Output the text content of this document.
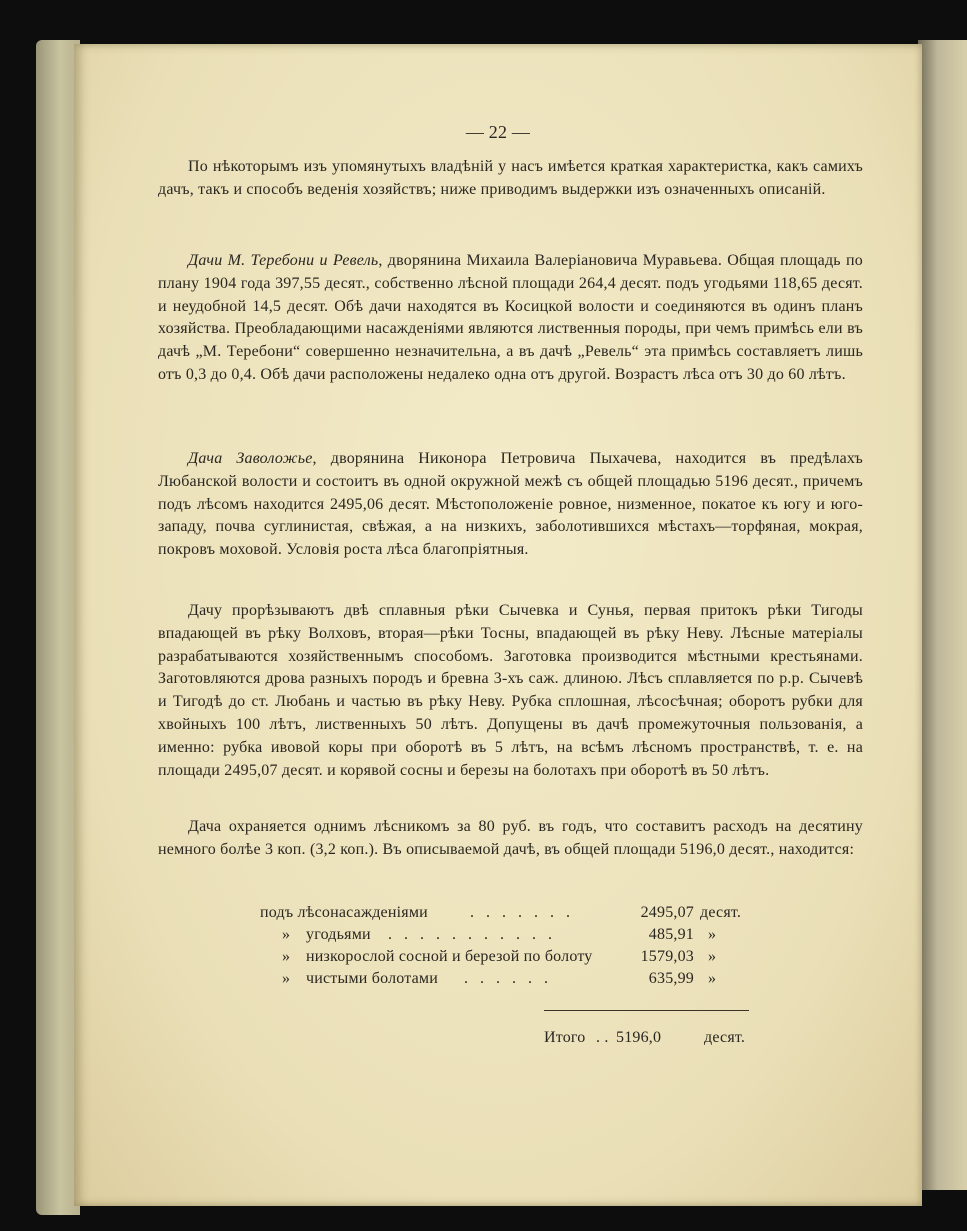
— 22 —

По нѣкоторымъ изъ упомянутыхъ владѣній у насъ имѣется краткая характеристка, какъ самихъ дачъ, такъ и способъ веденія хозяйствъ; ниже приводимъ выдержки изъ означенныхъ описаній.

Дачи М. Теребони и Ревель, дворянина Михаила Валеріановича Муравьева. Общая площадь по плану 1904 года 397,55 десят., собственно лѣсной площади 264,4 десят. подъ угодьями 118,65 десят. и неудобной 14,5 десят. Обѣ дачи находятся въ Косицкой волости и соединяются въ одинъ планъ хозяйства. Преобладающими насажденіями являются лиственныя породы, при чемъ примѣсь ели въ дачѣ „М. Теребони“ совершенно незначительна, а въ дачѣ „Ревель“ эта примѣсь составляетъ лишь отъ 0,3 до 0,4. Обѣ дачи расположены недалеко одна отъ другой. Возрастъ лѣса отъ 30 до 60 лѣтъ.

Дача Заволожье, дворянина Никонора Петровича Пыхачева, находится въ предѣлахъ Любанской волости и состоитъ въ одной окружной межѣ съ общей площадью 5196 десят., причемъ подъ лѣсомъ находится 2495,06 десят. Мѣстоположеніе ровное, низменное, покатое къ югу и юго-западу, почва суглинистая, свѣжая, а на низкихъ, заболотившихся мѣстахъ—торфяная, мокрая, покровъ моховой. Условія роста лѣса благопріятныя.

Дачу прорѣзываютъ двѣ сплавныя рѣки Сычевка и Сунья, первая притокъ рѣки Тигоды впадающей въ рѣку Волховъ, вторая—рѣки Тосны, впадающей въ рѣку Неву. Лѣсные матеріалы разрабатываются хозяйственнымъ способомъ. Заготовка производится мѣстными крестьянами. Заготовляются дрова разныхъ породъ и бревна 3-хъ саж. длиною. Лѣсъ сплавляется по р.р. Сычевѣ и Тигодѣ до ст. Любань и частью въ рѣку Неву. Рубка сплошная, лѣсосѣчная; оборотъ рубки для хвойныхъ 100 лѣтъ, лиственныхъ 50 лѣтъ. Допущены въ дачѣ промежуточныя пользованія, а именно: рубка ивовой коры при оборотѣ въ 5 лѣтъ, на всѣмъ лѣсномъ пространствѣ, т. е. на площади 2495,07 десят. и корявой сосны и березы на болотахъ при оборотѣ въ 50 лѣтъ.

Дача охраняется однимъ лѣсникомъ за 80 руб. въ годъ, что составитъ расходъ на десятину немного болѣе 3 коп. (3,2 коп.). Въ описываемой дачѣ, въ общей площади 5196,0 десят., находится:

подъ лѣсонасажденіями	. . . . . . .	2495,07 десят.
» угодьями . . . . . . . . . . .	485,91 »
» низкорослой сосной и березой по болоту	1579,03 »
» чистыми болотами . . . . . .	635,99 »
Итого . . 5196,0	десят.
